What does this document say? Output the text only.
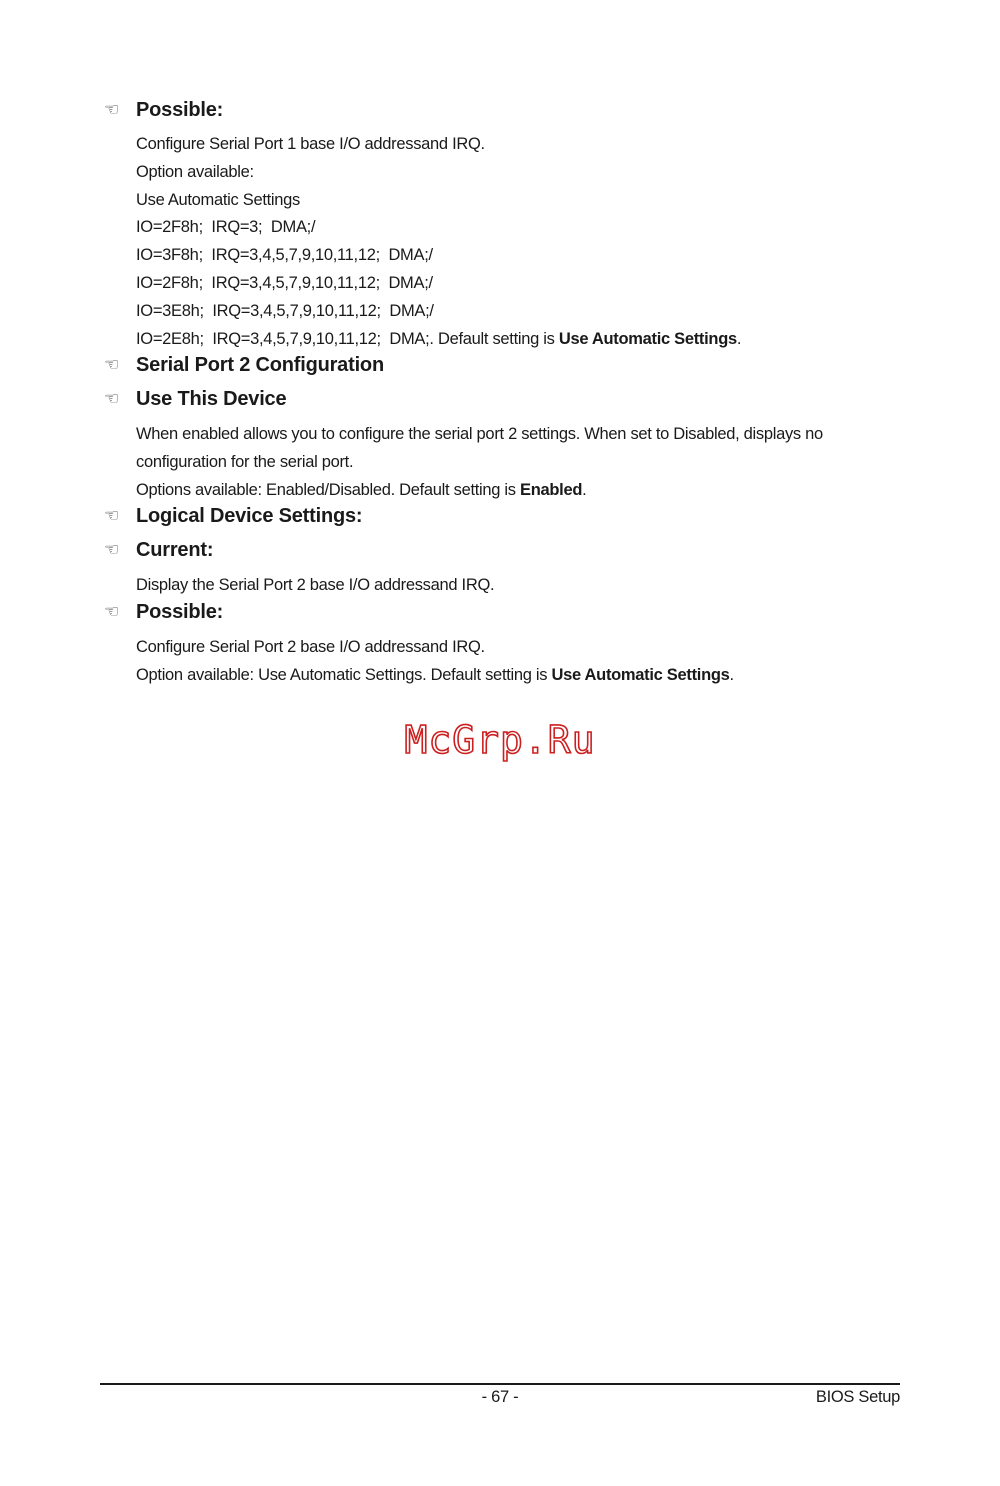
☜ Possible:
Configure Serial Port 1 base I/O addressand IRQ.
Option available:
Use Automatic Settings
IO=2F8h;  IRQ=3;  DMA;/
IO=3F8h;  IRQ=3,4,5,7,9,10,11,12;  DMA;/
IO=2F8h;  IRQ=3,4,5,7,9,10,11,12;  DMA;/
IO=3E8h;  IRQ=3,4,5,7,9,10,11,12;  DMA;/
IO=2E8h;  IRQ=3,4,5,7,9,10,11,12;  DMA;. Default setting is Use Automatic Settings.
☜ Serial Port 2 Configuration
☜ Use This Device
When enabled allows you to configure the serial port 2 settings. When set to Disabled, displays no
configuration for the serial port.
Options available: Enabled/Disabled. Default setting is Enabled.
☜ Logical Device Settings:
☜ Current:
Display the Serial Port 2 base I/O addressand IRQ.
☜ Possible:
Configure Serial Port 2 base I/O addressand IRQ.
Option available: Use Automatic Settings. Default setting is Use Automatic Settings.
McGrp.Ru
- 67 -	BIOS Setup
